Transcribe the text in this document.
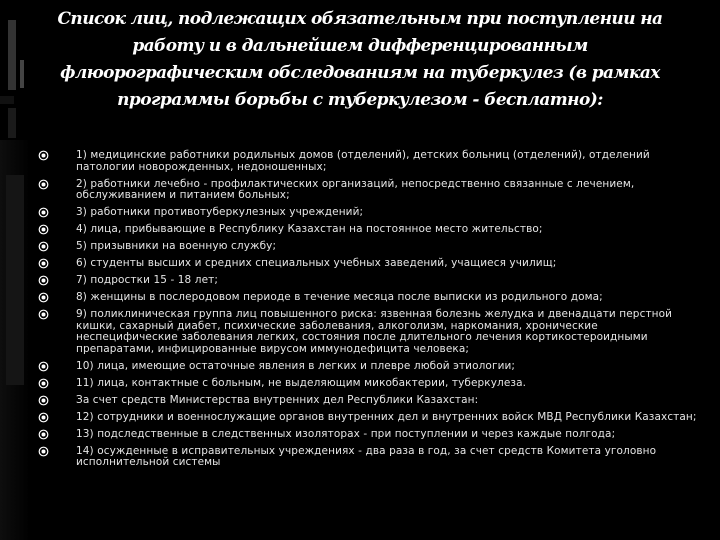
Список лиц, подлежащих обязательным при поступлении на работу и в дальнейшем дифференцированным флюорографическим обследованиям на туберкулез (в рамках программы борьбы с туберкулезом - бесплатно):
1) медицинские работники родильных домов (отделений), детских больниц (отделений), отделений патологии новорожденных, недоношенных;
2) работники лечебно - профилактических организаций, непосредственно связанные с лечением, обслуживанием и питанием больных;
3) работники противотуберкулезных учреждений;
4) лица, прибывающие в Республику Казахстан на постоянное место жительство;
5) призывники на военную службу;
6) студенты высших и средних специальных учебных заведений, учащиеся училищ;
7) подростки 15 - 18 лет;
8) женщины в послеродовом периоде в течение месяца после выписки из родильного дома;
9) поликлиническая группа лиц повышенного риска: язвенная болезнь желудка и двенадцати перстной кишки, сахарный диабет, психические заболевания, алкоголизм, наркомания, хронические неспецифические заболевания легких, состояния после длительного лечения кортикостероидными препаратами, инфицированные вирусом иммунодефицита человека;
10) лица, имеющие остаточные явления в легких и плевре любой этиологии;
11) лица, контактные с больным, не выделяющим микобактерии, туберкулеза.
За счет средств Министерства внутренних дел Республики Казахстан:
12) сотрудники и военнослужащие органов внутренних дел и внутренних войск МВД Республики Казахстан;
13) подследственные в следственных изоляторах - при поступлении и через каждые полгода;
14) осужденные в исправительных учреждениях - два раза в год, за счет средств Комитета уголовно исполнительной системы
